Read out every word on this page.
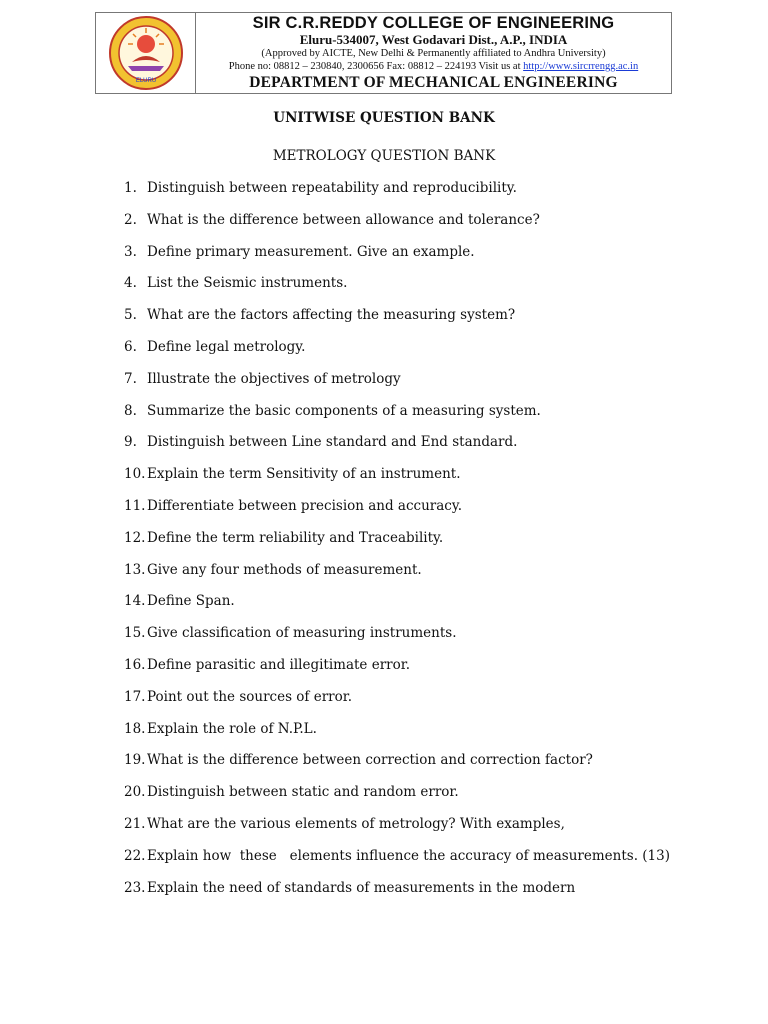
ELURU
SIR C.R.REDDY COLLEGE OF ENGINEERING
Eluru-534007, West Godavari Dist., A.P., INDIA
(Approved by AICTE, New Delhi & Permanently affiliated to Andhra University)
Phone no: 08812 – 230840, 2300656 Fax: 08812 – 224193 Visit us at http://www.sircrrengg.ac.in
DEPARTMENT OF MECHANICAL ENGINEERING
UNITWISE QUESTION BANK
METROLOGY QUESTION BANK
1. Distinguish between repeatability and reproducibility.
2. What is the difference between allowance and tolerance?
3. Define primary measurement. Give an example.
4. List the Seismic instruments.
5. What are the factors affecting the measuring system?
6. Define legal metrology.
7. Illustrate the objectives of metrology
8. Summarize the basic components of a measuring system.
9. Distinguish between Line standard and End standard.
10. Explain the term Sensitivity of an instrument.
11. Differentiate between precision and accuracy.
12. Define the term reliability and Traceability.
13. Give any four methods of measurement.
14. Define Span.
15. Give classification of measuring instruments.
16. Define parasitic and illegitimate error.
17. Point out the sources of error.
18. Explain the role of N.P.L.
19. What is the difference between correction and correction factor?
20. Distinguish between static and random error.
21. What are the various elements of metrology? With examples,
22. Explain how  these   elements influence the accuracy of measurements. (13)
23. Explain the need of standards of measurements in the modern
